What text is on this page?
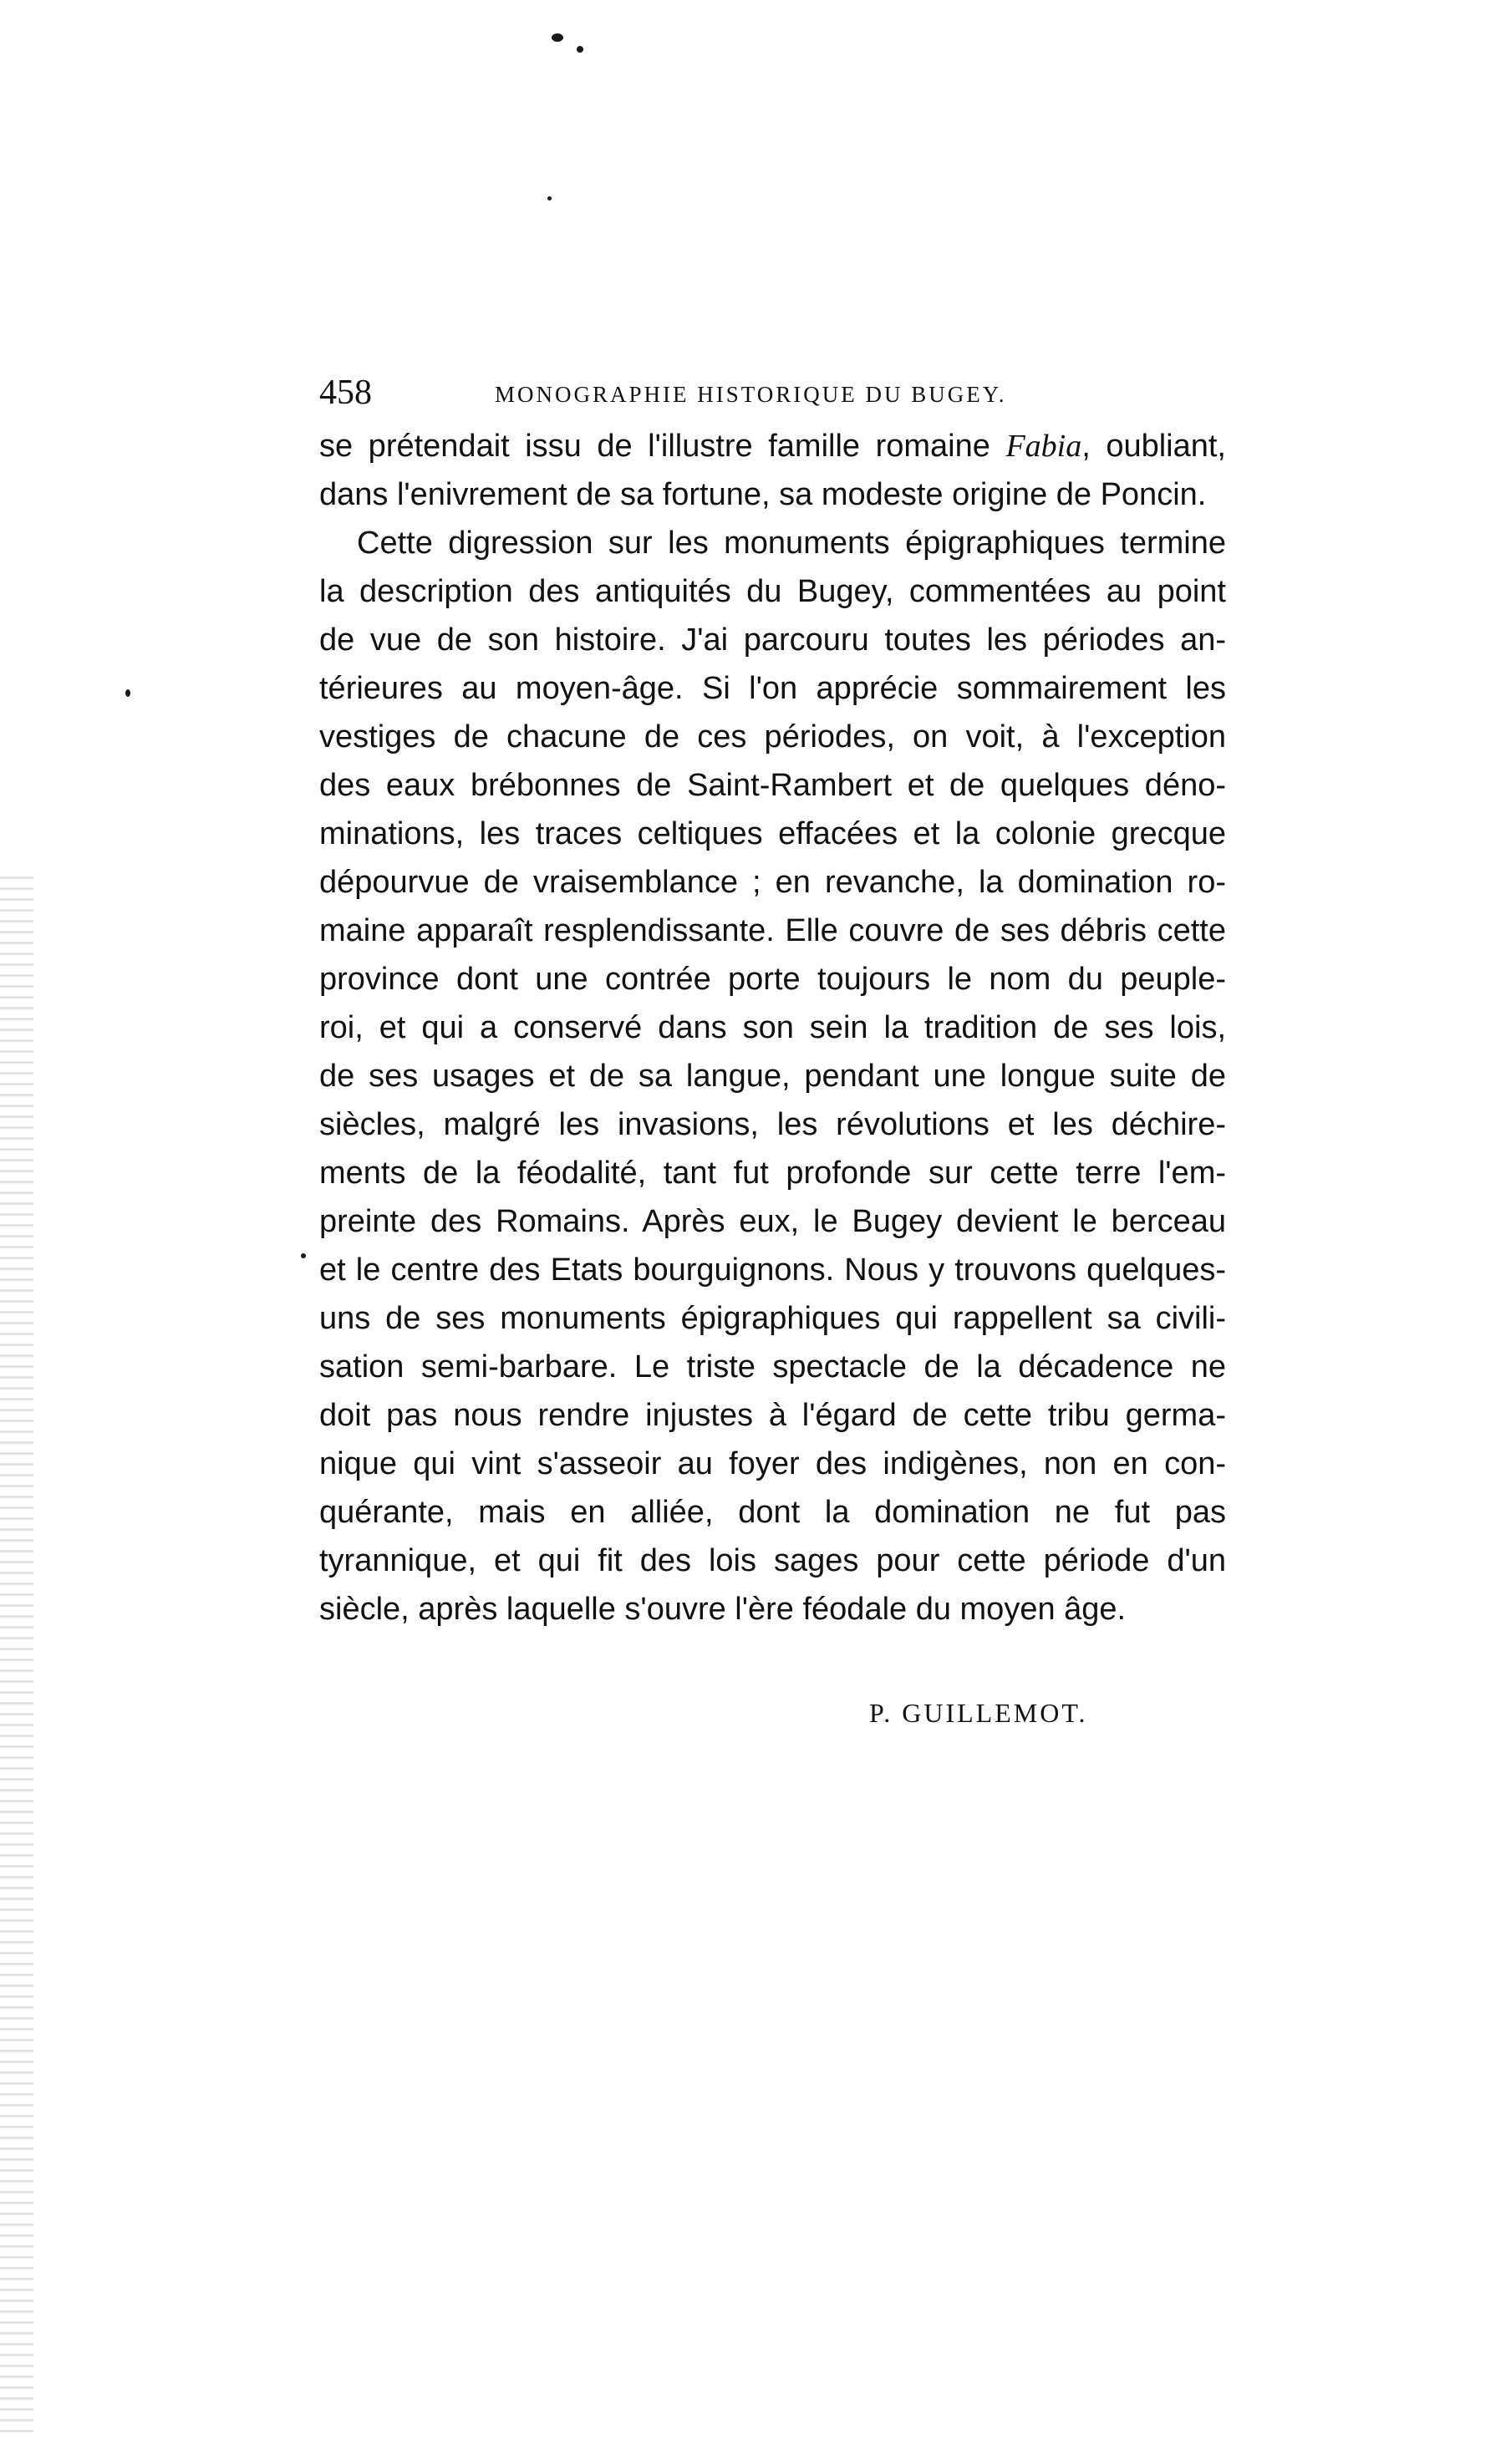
458	MONOGRAPHIE HISTORIQUE DU BUGEY.
se prétendait issu de l'illustre famille romaine Fabia, oubliant,
dans l'enivrement de sa fortune, sa modeste origine de Poncin.
Cette digression sur les monuments épigraphiques termine
la description des antiquités du Bugey, commentées au point
de vue de son histoire. J'ai parcouru toutes les périodes an-
térieures au moyen-âge. Si l'on apprécie sommairement les
vestiges de chacune de ces périodes, on voit, à l'exception
des eaux brébonnes de Saint-Rambert et de quelques déno-
minations, les traces celtiques effacées et la colonie grecque
dépourvue de vraisemblance ; en revanche, la domination ro-
maine apparaît resplendissante. Elle couvre de ses débris cette
province dont une contrée porte toujours le nom du peuple-
roi, et qui a conservé dans son sein la tradition de ses lois,
de ses usages et de sa langue, pendant une longue suite de
siècles, malgré les invasions, les révolutions et les déchire-
ments de la féodalité, tant fut profonde sur cette terre l'em-
preinte des Romains. Après eux, le Bugey devient le berceau
et le centre des Etats bourguignons. Nous y trouvons quelques-
uns de ses monuments épigraphiques qui rappellent sa civili-
sation semi-barbare. Le triste spectacle de la décadence ne
doit pas nous rendre injustes à l'égard de cette tribu germa-
nique qui vint s'asseoir au foyer des indigènes, non en con-
quérante, mais en alliée, dont la domination ne fut pas
tyrannique, et qui fit des lois sages pour cette période d'un
siècle, après laquelle s'ouvre l'ère féodale du moyen âge.
P. GUILLEMOT.
